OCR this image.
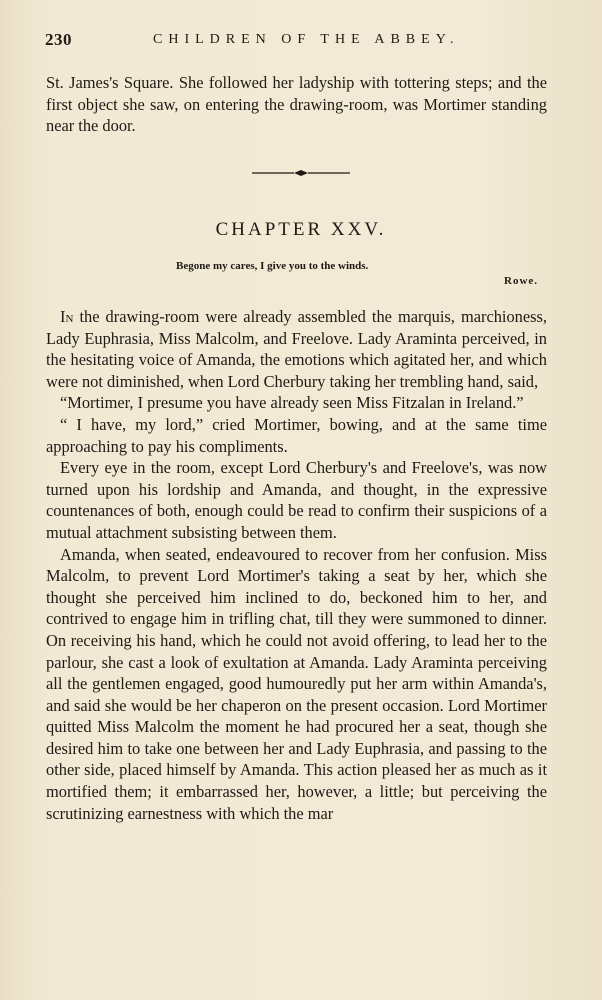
230	CHILDREN OF THE ABBEY.

St. James's Square. She followed her ladyship with tottering steps; and the first object she saw, on entering the drawing-room, was Mortimer standing near the door.

CHAPTER XXV.
Begone my cares, I give you to the winds.
Rowe.

In the drawing-room were already assembled the marquis, marchioness, Lady Euphrasia, Miss Malcolm, and Freelove. Lady Araminta perceived, in the hesitating voice of Amanda, the emotions which agitated her, and which were not diminished, when Lord Cherbury taking her trembling hand, said,

“Mortimer, I presume you have already seen Miss Fitzalan in Ireland.”

“ I have, my lord,” cried Mortimer, bowing, and at the same time approaching to pay his compliments.

Every eye in the room, except Lord Cherbury's and Freelove's, was now turned upon his lordship and Amanda, and thought, in the expressive countenances of both, enough could be read to confirm their suspicions of a mutual attachment subsisting between them.

Amanda, when seated, endeavoured to recover from her confusion. Miss Malcolm, to prevent Lord Mortimer's taking a seat by her, which she thought she perceived him inclined to do, beckoned him to her, and contrived to engage him in trifling chat, till they were summoned to dinner. On receiving his hand, which he could not avoid offering, to lead her to the parlour, she cast a look of exultation at Amanda. Lady Araminta perceiving all the gentlemen engaged, good humouredly put her arm within Amanda's, and said she would be her chaperon on the present occasion. Lord Mortimer quitted Miss Malcolm the moment he had procured her a seat, though she desired him to take one between her and Lady Euphrasia, and passing to the other side, placed himself by Amanda. This action pleased her as much as it mortified them; it embarrassed her, however, a little; but perceiving the scrutinizing earnestness with which the mar
